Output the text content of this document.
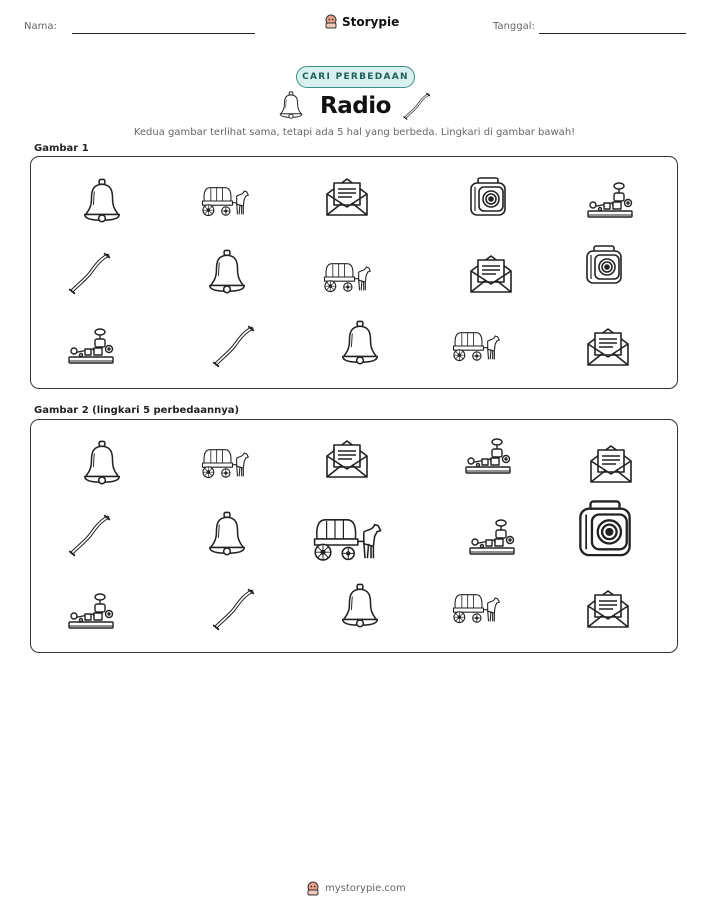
Nama:	Storypie	Tanggal:
CARI PERBEDAAN
Radio
Kedua gambar terlihat sama, tetapi ada 5 hal yang berbeda. Lingkari di gambar bawah!
Gambar 1
Gambar 2 (lingkari 5 perbedaannya)
mystorypie.com
